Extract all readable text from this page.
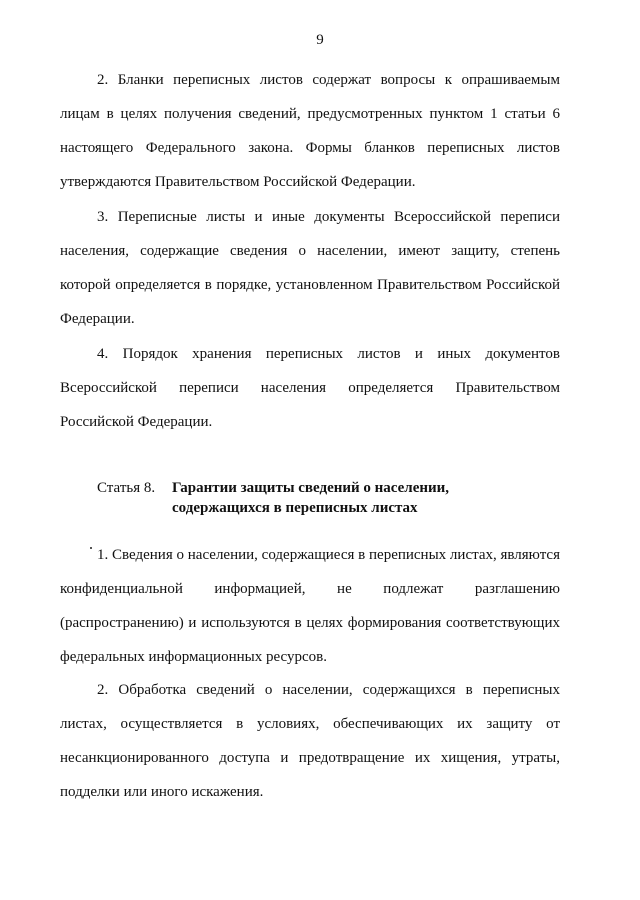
9

2. Бланки переписных листов содержат вопросы к опрашиваемым лицам в целях получения сведений, предусмотренных пунктом 1 статьи 6 настоящего Федерального закона. Формы бланков переписных листов утверждаются Правительством Российской Федерации.

3. Переписные листы и иные документы Всероссийской переписи населения, содержащие сведения о населении, имеют защиту, степень которой определяется в порядке, установленном Правительством Российской Федерации.

4. Порядок хранения переписных листов и иных документов Всероссийской переписи населения определяется Правительством Российской Федерации.

Статья 8.	Гарантии защиты сведений о населении,
содержащихся в переписных листах

1. Сведения о населении, содержащиеся в переписных листах, являются конфиденциальной информацией, не подлежат разглашению (распространению) и используются в целях формирования соответствующих федеральных информационных ресурсов.

2. Обработка сведений о населении, содержащихся в переписных листах, осуществляется в условиях, обеспечивающих их защиту от несанкционированного доступа и предотвращение их хищения, утраты, подделки или иного искажения.
